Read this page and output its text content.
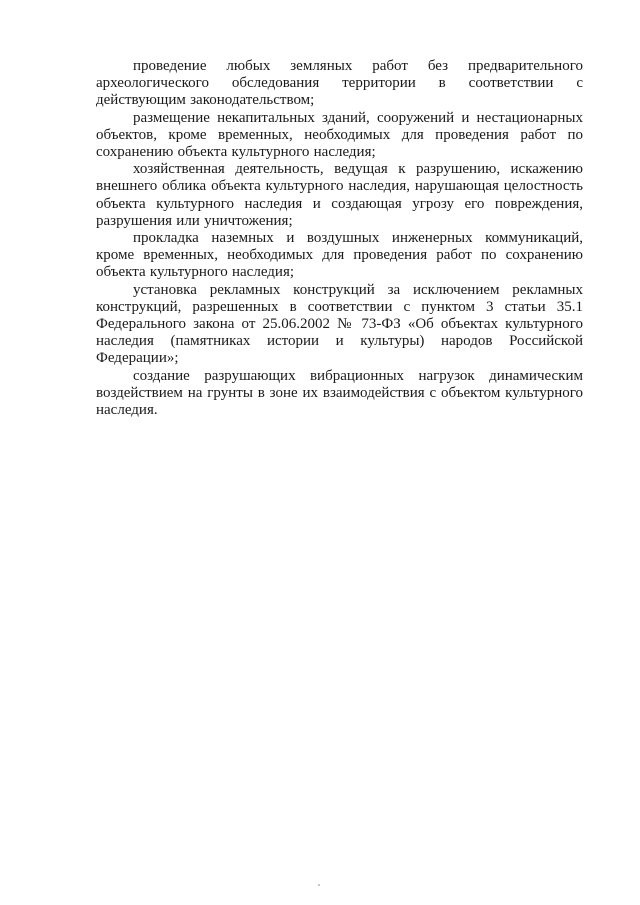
проведение любых земляных работ без предварительного археологического обследования территории в соответствии с действующим законодательством;

размещение некапитальных зданий, сооружений и нестационарных объектов, кроме временных, необходимых для проведения работ по сохранению объекта культурного наследия;

хозяйственная деятельность, ведущая к разрушению, искажению внешнего облика объекта культурного наследия, нарушающая целостность объекта культурного наследия и создающая угрозу его повреждения, разрушения или уничтожения;

прокладка наземных и воздушных инженерных коммуникаций, кроме временных, необходимых для проведения работ по сохранению объекта культурного наследия;

установка рекламных конструкций за исключением рекламных конструкций, разрешенных в соответствии с пунктом 3 статьи 35.1 Федерального закона от 25.06.2002 № 73-ФЗ «Об объектах культурного наследия (памятниках истории и культуры) народов Российской Федерации»;

создание разрушающих вибрационных нагрузок динамическим воздействием на грунты в зоне их взаимодействия с объектом культурного наследия.
